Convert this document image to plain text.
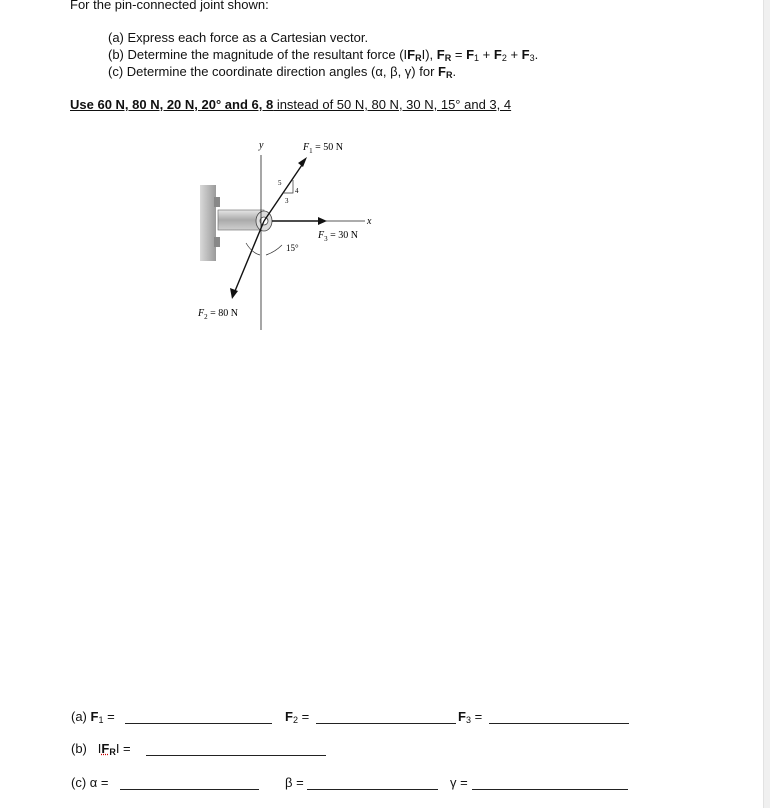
For the pin-connected joint shown:
(a) Express each force as a Cartesian vector.
(b) Determine the magnitude of the resultant force $(IF_RI)$, $F_R = F_1 + F_2 + F_3$.
(c) Determine the coordinate direction angles (α, β, γ) for $F_R$.
Use 60 N, 80 N, 20 N, 20° and 6, 8 instead of 50 N, 80 N, 30 N, 15° and 3, 4
y
x
$F_1 = 50$ N
5
4
3
$F_3 = 30$ N
$F_2 = 80$ N
15°
(a) $F_1$ =	$F_2$ =	$F_3$ =
(b) $IF_RI$ =
(c) α =	β =	γ =
